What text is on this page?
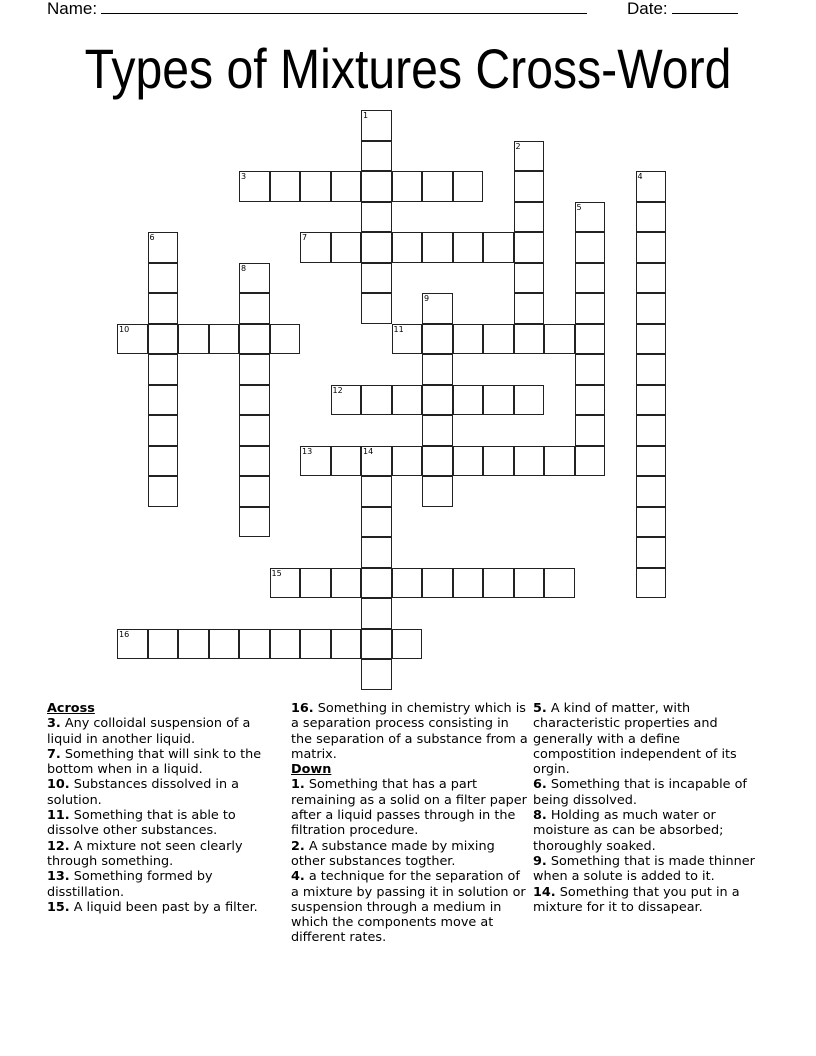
Name:	Date:
Types of Mixtures Cross-Word
1
2
3	4
5
6	7
8
9
10	11
12
13	14
15
16
Across
3. Any colloidal suspension of a liquid in another liquid.
7. Something that will sink to the bottom when in a liquid.
10. Substances dissolved in a solution.
11. Something that is able to dissolve other substances.
12. A mixture not seen clearly through something.
13. Something formed by disstillation.
15. A liquid been past by a filter.
16. Something in chemistry which is a separation process consisting in the separation of a substance from a matrix.
Down
1. Something that has a part remaining as a solid on a filter paper after a liquid passes through in the filtration procedure.
2. A substance made by mixing other substances togther.
4. a technique for the separation of a mixture by passing it in solution or suspension through a medium in which the components move at different rates.
5. A kind of matter, with characteristic properties and generally with a define compostition independent of its orgin.
6. Something that is incapable of being dissolved.
8. Holding as much water or moisture as can be absorbed; thoroughly soaked.
9. Something that is made thinner when a solute is added to it.
14. Something that you put in a mixture for it to dissapear.
